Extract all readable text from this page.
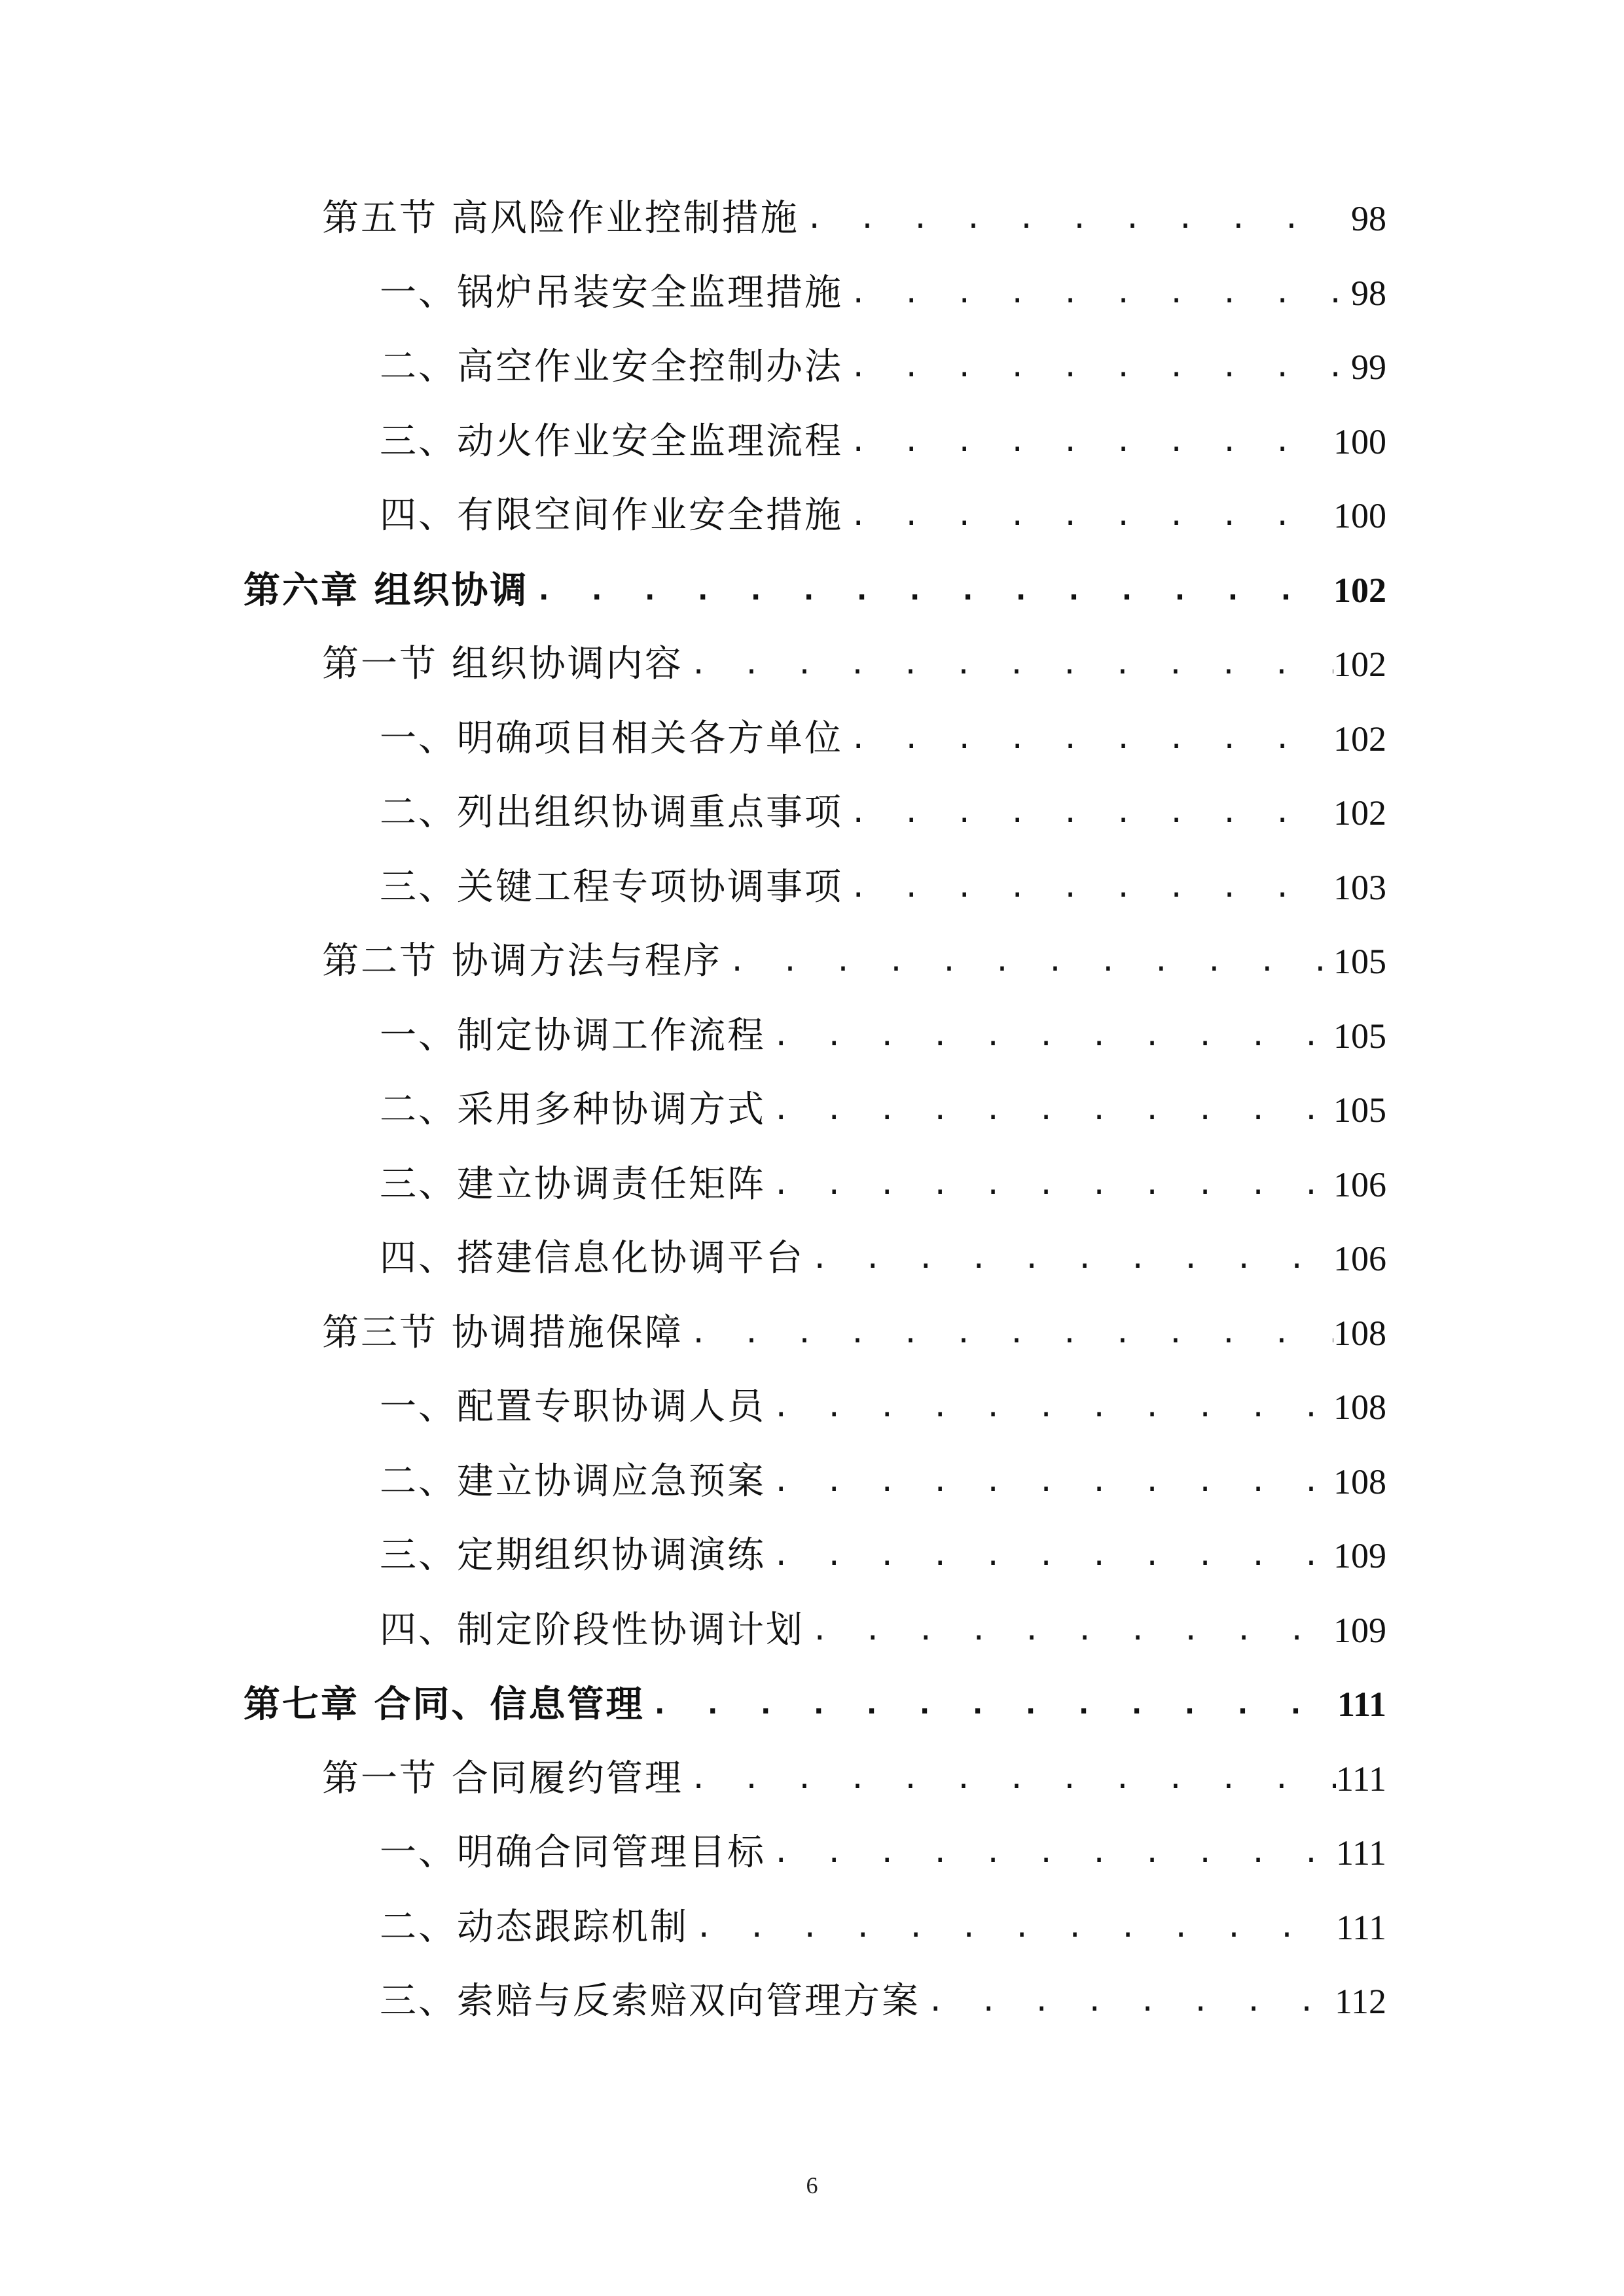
第五节 高风险作业控制措施 . . .	98
一、锅炉吊装安全监理措施 . . .	98
二、高空作业安全控制办法 . . .	99
三、动火作业安全监理流程 . . .	100
四、有限空间作业安全措施 . . .	100
第六章 组织协调 . . .	102
第一节 组织协调内容 . . .	102
一、明确项目相关各方单位 . . .	102
二、列出组织协调重点事项 . . .	102
三、关键工程专项协调事项 . . .	103
第二节 协调方法与程序 . . .	105
一、制定协调工作流程 . . .	105
二、采用多种协调方式 . . .	105
三、建立协调责任矩阵 . . .	106
四、搭建信息化协调平台 . . .	106
第三节 协调措施保障 . . .	108
一、配置专职协调人员 . . .	108
二、建立协调应急预案 . . .	108
三、定期组织协调演练 . . .	109
四、制定阶段性协调计划 . . .	109
第七章 合同、信息管理 . . .	111
第一节 合同履约管理 . . .	111
一、明确合同管理目标 . . .	111
二、动态跟踪机制 . . .	111
三、索赔与反索赔双向管理方案 . . .	112
6
